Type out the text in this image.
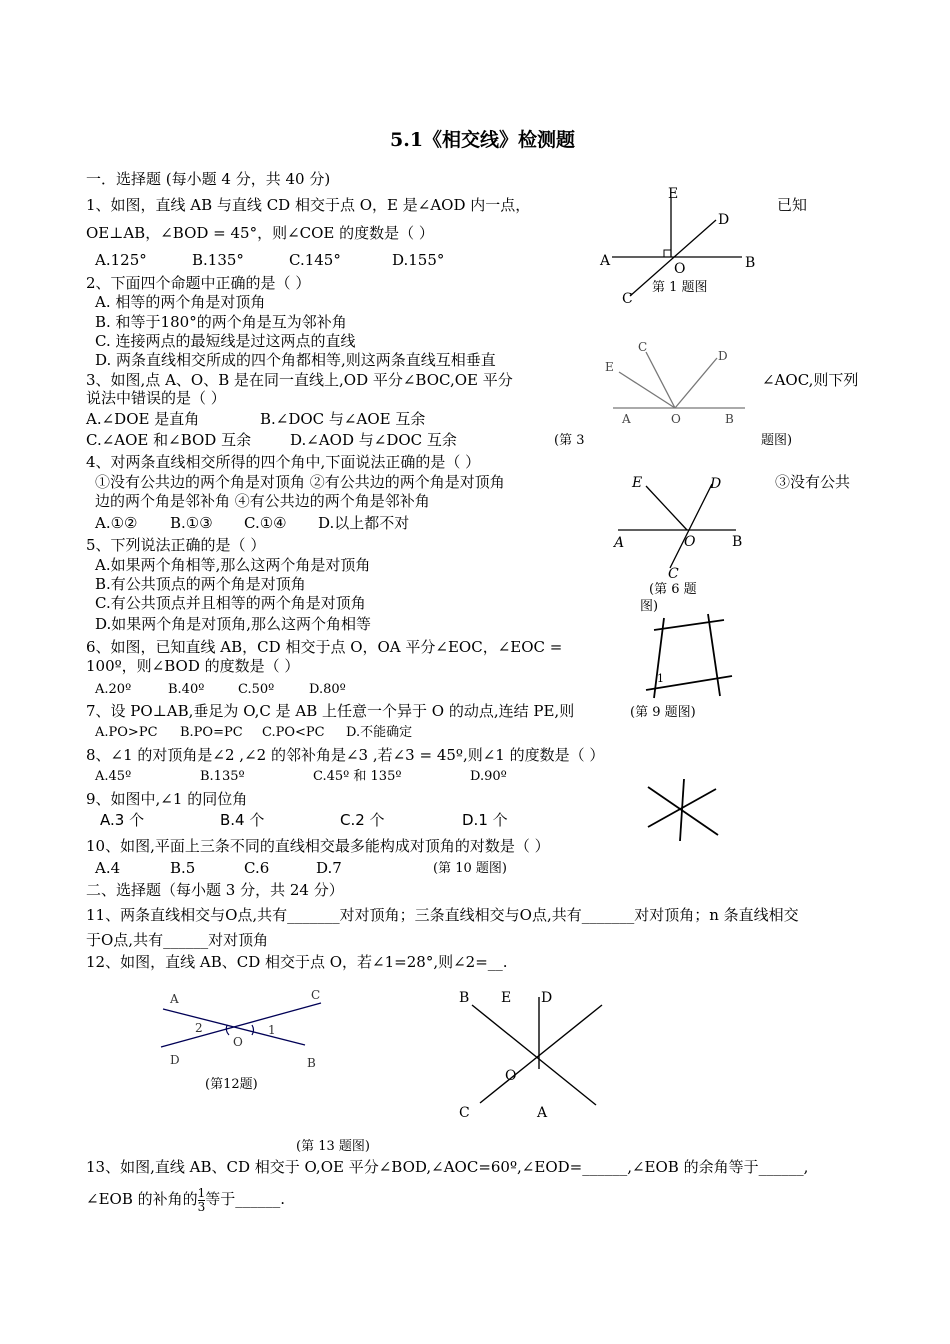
5.1《相交线》检测题
一．选择题 (每小题 4 分，共 40 分)
1、如图，直线 AB 与直线 CD 相交于点 O，E 是∠AOD 内一点，	已知
OE⊥AB，∠BOD = 45°，则∠COE 的度数是（ ）
A.125°	B.135°	C.145°	D.155°
E
D
A	B
O
C
第 1 题图
2、下面四个命题中正确的是（ ）
A. 相等的两个角是对顶角
B. 和等于180°的两个角是互为邻补角
C. 连接两点的最短线是过这两点的直线
D. 两条直线相交所成的四个角都相等,则这两条直线互相垂直	E
C
D
A	O	B
3、如图,点 A、O、B 是在同一直线上,OD 平分∠BOC,OE 平分	∠AOC,则下列
说法中错误的是（ ）
A.∠DOE 是直角	B.∠DOC 与∠AOE 互余
C.∠AOE 和∠BOD 互余	D.∠AOD 与∠DOC 互余	(第 3	题图)
4、对两条直线相交所得的四个角中,下面说法正确的是（ ）
①没有公共边的两个角是对顶角 ②有公共边的两个角是对顶角	③没有公共
边的两个角是邻补角 ④有公共边的两个角是邻补角
A.①② B.①③ C.①④ D.以上都不对
E	D
A	O	B
C
(第 6 题
图)
5、下列说法正确的是（ ）
A.如果两个角相等,那么这两个角是对顶角
B.有公共顶点的两个角是对顶角
C.有公共顶点并且相等的两个角是对顶角
D.如果两个角是对顶角,那么这两个角相等
1
6、如图，已知直线 AB，CD 相交于点 O，OA 平分∠EOC，∠EOC =
100º，则∠BOD 的度数是（ ）
A.20º	B.40º	C.50º	D.80º
7、设 PO⊥AB,垂足为 O,C 是 AB 上任意一个异于 O 的动点,连结 PE,则	(第 9 题图)
A.PO>PC B.PO=PC C.PO<PC D.不能确定
8、∠1 的对顶角是∠2 ,∠2 的邻补角是∠3 ,若∠3 = 45º,则∠1 的度数是（ ）
A.45º	B.135º	C.45º 和 135º	D.90º
9、如图中,∠1 的同位角
A.3 个	B.4 个	C.2 个	D.1 个
10、如图,平面上三条不同的直线相交最多能构成对顶角的对数是（ ）
A.4	B.5	C.6	D.7	(第 10 题图)
二、选择题（每小题 3 分，共 24 分）
11、两条直线相交与O点,共有_______对对顶角；三条直线相交与O点,共有_______对对顶角；n 条直线相交
于O点,共有______对对顶角
12、如图，直线 AB、CD 相交于点 O，若∠1=28°,则∠2=__.
A	C
2	1
O
D	B
(第12题)
B E D
O
C	A
(第 13 题图)
13、如图,直线 AB、CD 相交于 O,OE 平分∠BOD,∠AOC=60º,∠EOD=______,∠EOB 的余角等于______,
∠EOB 的补角的 $\frac{1}{3}$ 等于______.
